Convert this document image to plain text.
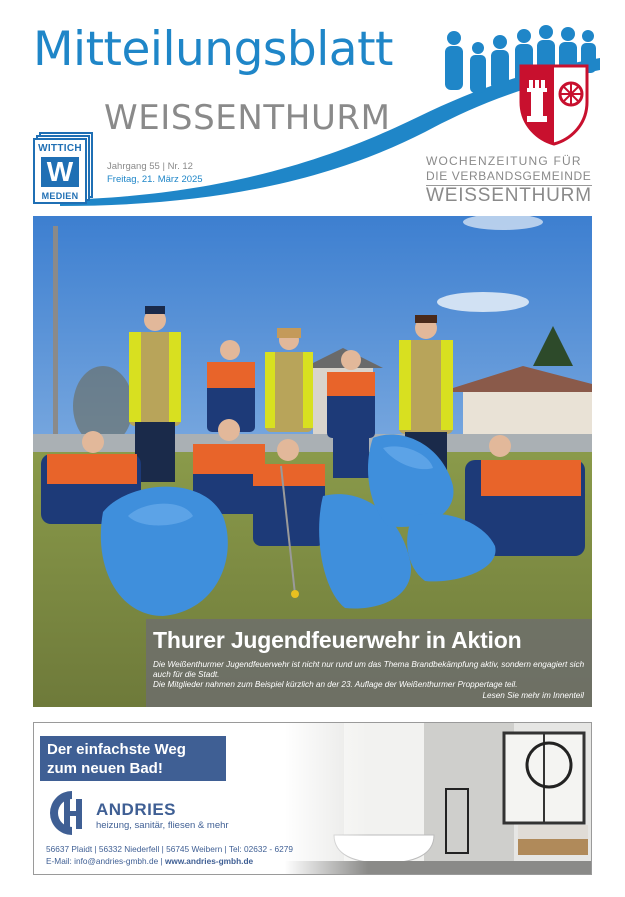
Mitteilungsblatt
WEISSENTHURM
WITTICH
W
MEDIEN
Jahrgang 55 | Nr. 12
Freitag, 21. März 2025
WOCHENZEITUNG FÜR
DIE VERBANDSGEMEINDE
WEISSENTHURM
Thurer Jugendfeuerwehr in Aktion
Die Weißenthurmer Jugendfeuerwehr ist nicht nur rund um das Thema Brandbekämpfung aktiv, sondern engagiert sich auch für die Stadt.
Die Mitglieder nahmen zum Beispiel kürzlich an der 23. Auflage der Weißenthurmer Proppertage teil.
Lesen Sie mehr im Innenteil
Der einfachste Weg
zum neuen Bad!
ANDRIES
heizung, sanitär, fliesen & mehr
56637 Plaidt | 56332 Niederfell | 56745 Weibern | Tel: 02632 - 6279
E-Mail: info@andries-gmbh.de | www.andries-gmbh.de
